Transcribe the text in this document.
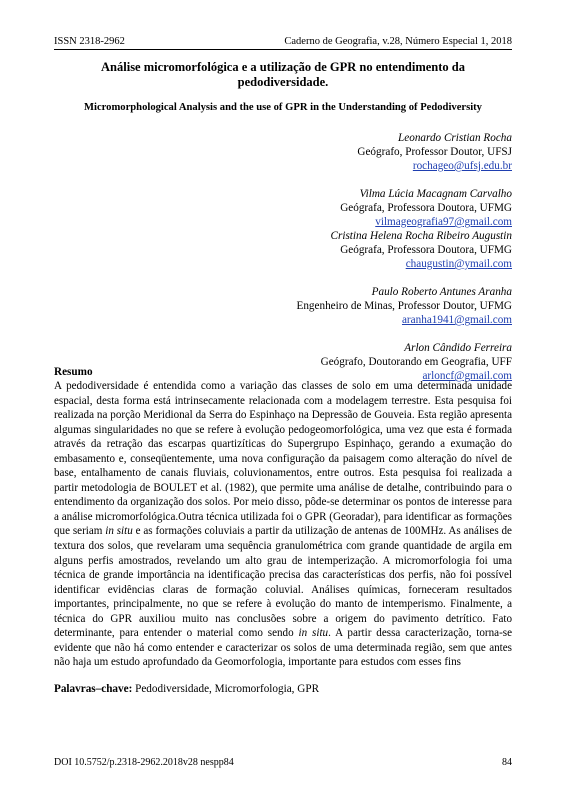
ISSN 2318-2962	Caderno de Geografia, v.28, Número Especial 1, 2018
Análise micromorfológica e a utilização de GPR no entendimento da pedodiversidade.
Micromorphological Analysis and the use of GPR in the Understanding of Pedodiversity
Leonardo Cristian Rocha
Geógrafo, Professor Doutor, UFSJ
rochageo@ufsj.edu.br
Vilma Lúcia Macagnam Carvalho
Geógrafa, Professora Doutora, UFMG
vilmageografia97@gmail.com
Cristina Helena Rocha Ribeiro Augustin
Geógrafa, Professora Doutora, UFMG
chaugustin@ymail.com
Paulo Roberto Antunes Aranha
Engenheiro de Minas, Professor Doutor, UFMG
aranha1941@gmail.com
Arlon Cândido Ferreira
Geógrafo, Doutorando em Geografia, UFF
arloncf@gmail.com
Resumo

A pedodiversidade é entendida como a variação das classes de solo em uma determinada unidade espacial, desta forma está intrinsecamente relacionada com a modelagem terrestre. Esta pesquisa foi realizada na porção Meridional da Serra do Espinhaço na Depressão de Gouveia. Esta região apresenta algumas singularidades no que se refere à evolução pedogeomorfológica, uma vez que esta é formada através da retração das escarpas quartizíticas do Supergrupo Espinhaço, gerando a exumação do embasamento e, conseqüentemente, uma nova configuração da paisagem como alteração do nível de base, entalhamento de canais fluviais, coluvionamentos, entre outros. Esta pesquisa foi realizada a partir metodologia de BOULET et al. (1982), que permite uma análise de detalhe, contribuindo para o entendimento da organização dos solos. Por meio disso, pôde-se determinar os pontos de interesse para a análise micromorfológica.Outra técnica utilizada foi o GPR (Georadar), para identificar as formações que seriam in situ e as formações coluviais a partir da utilização de antenas de 100MHz. As análises de textura dos solos, que revelaram uma sequência granulométrica com grande quantidade de argila em alguns perfis amostrados, revelando um alto grau de intemperização. A micromorfologia foi uma técnica de grande importância na identificação precisa das características dos perfis, não foi possível identificar evidências claras de formação coluvial. Análises químicas, forneceram resultados importantes, principalmente, no que se refere à evolução do manto de intemperismo. Finalmente, a técnica do GPR auxiliou muito nas conclusões sobre a origem do pavimento detrítico. Fato determinante, para entender o material como sendo in situ. A partir dessa caracterização, torna-se evidente que não há como entender e caracterizar os solos de uma determinada região, sem que antes não haja um estudo aprofundado da Geomorfologia, importante para estudos com esses fins

Palavras–chave: Pedodiversidade, Micromorfologia, GPR
DOI 10.5752/p.2318-2962.2018v28 nespp84	84
